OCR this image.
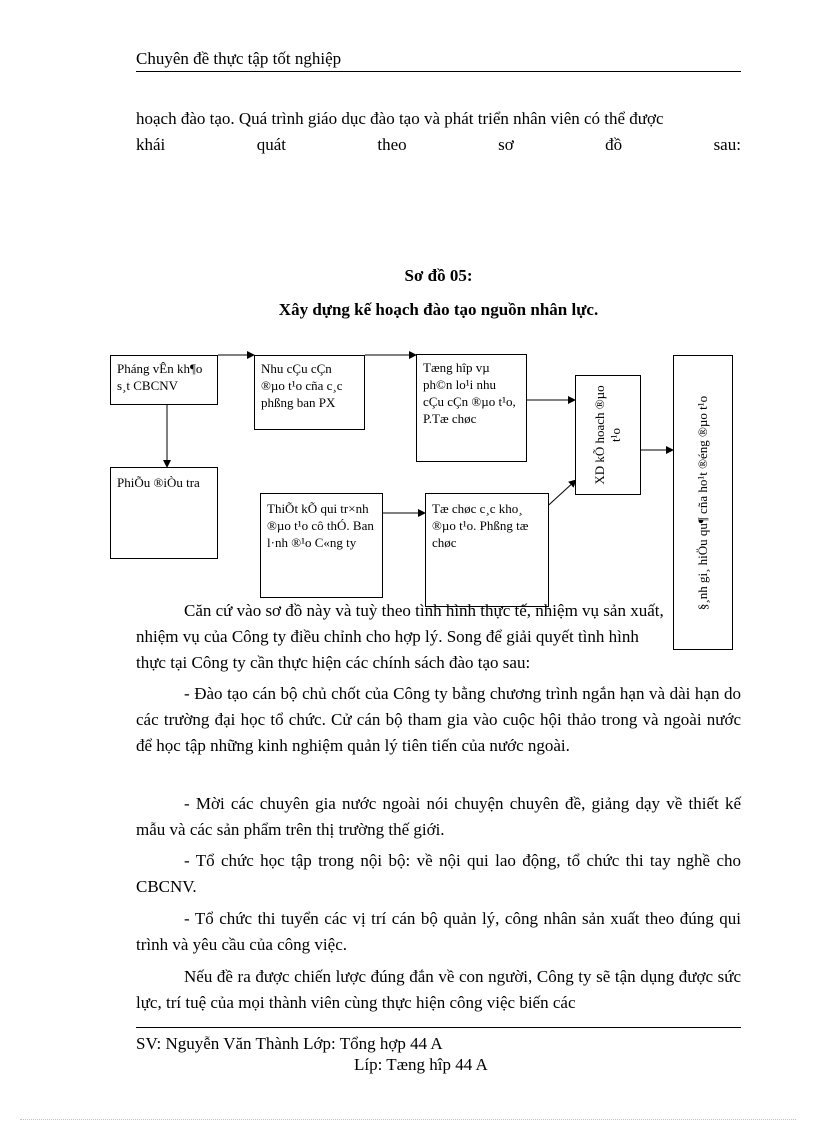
Chuyên đề thực tập tốt nghiệp
hoạch đào tạo. Quá trình giáo dục đào tạo và phát triển nhân viên có thể được
khái	quát	theo	sơ	đồ	sau:
Sơ đồ 05:
Xây dựng kế hoạch đào tạo nguồn nhân lực.
Pháng vÊn kh¶o s¸t CBCNV
Nhu cÇu cÇn ®µo t¹o cña c¸c phßng ban PX
Tæng hîp vµ ph©n lo¹i nhu cÇu cÇn ®µo t¹o, P.Tæ chøc
PhiÕu ®iÒu tra
ThiÕt kÕ qui tr×nh ®µo t¹o cô thÓ. Ban l·nh ®¹o C«ng ty
Tæ chøc c¸c kho¸ ®µo t¹o. Phßng tæ chøc
XD kÕ hoach ®µo t¹o	§¸nh gi¸ hiÖu qu¶ cña ho¹t ®éng ®µo t¹o
Căn cứ vào sơ đồ này và tuỳ theo tình hình thực tế, nhiệm vụ sản xuất,
nhiệm vụ của Công ty điều chỉnh cho hợp lý. Song để giải quyết tình hình
thực tại Công ty cần thực hiện các chính sách đào tạo sau:
- Đào tạo cán bộ chủ chốt của Công ty bằng chương trình ngắn hạn và dài hạn do các trường đại học tổ chức. Cử cán bộ tham gia vào cuộc hội thảo trong và ngoài nước để học tập những kinh nghiệm quản lý tiên tiến của nước ngoài.
- Mời các chuyên gia nước ngoài nói chuyện chuyên đề, giảng dạy về thiết kế mẫu và các sản phẩm trên thị trường thế giới.
- Tổ chức học tập trong nội bộ: về nội qui lao động, tổ chức thi tay nghề cho CBCNV.
- Tổ chức thi tuyển các vị trí cán bộ quản lý, công nhân sản xuất theo đúng qui trình và yêu cầu của công việc.
Nếu đề ra được chiến lược đúng đắn về con người, Công ty sẽ tận dụng được sức lực, trí tuệ của mọi thành viên cùng thực hiện công việc biến các
SV: Nguyễn Văn Thành Lớp: Tổng hợp 44 A
Líp: Tæng hîp 44 A
